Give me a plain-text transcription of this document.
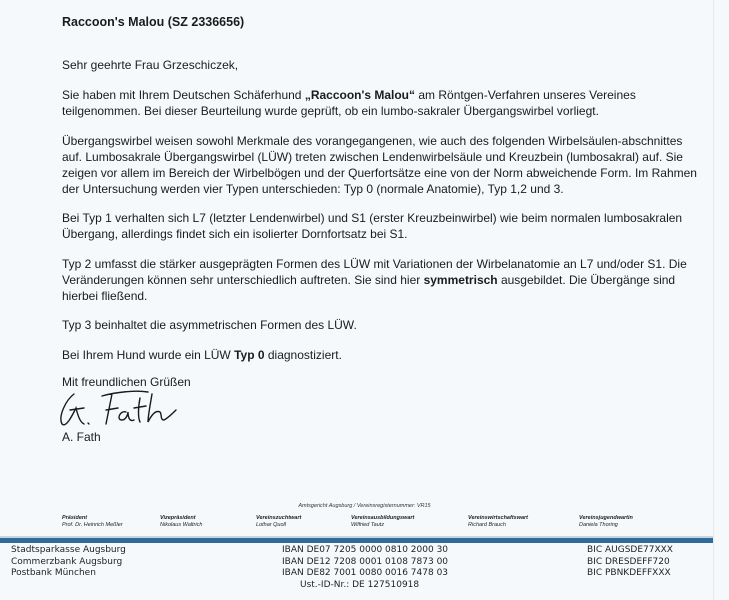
Raccoon's Malou (SZ 2336656)

Sehr geehrte Frau Grzeschiczek,

Sie haben mit Ihrem Deutschen Schäferhund „Raccoon's Malou“ am Röntgen-Verfahren unseres Vereines teilgenommen. Bei dieser Beurteilung wurde geprüft, ob ein lumbo-sakraler Übergangswirbel vorliegt.

Übergangswirbel weisen sowohl Merkmale des vorangegangenen, wie auch des folgenden Wirbelsäulen-abschnittes auf. Lumbosakrale Übergangswirbel (LÜW) treten zwischen Lendenwirbelsäule und Kreuzbein (lumbosakral) auf. Sie zeigen vor allem im Bereich der Wirbelbögen und der Querfortsätze eine von der Norm abweichende Form. Im Rahmen der Untersuchung werden vier Typen unterschieden: Typ 0 (normale Anatomie), Typ 1,2 und 3.

Bei Typ 1 verhalten sich L7 (letzter Lendenwirbel) und S1 (erster Kreuzbeinwirbel) wie beim normalen lumbosakralen Übergang, allerdings findet sich ein isolierter Dornfortsatz bei S1.

Typ 2 umfasst die stärker ausgeprägten Formen des LÜW mit Variationen der Wirbelanatomie an L7 und/oder S1. Die Veränderungen können sehr unterschiedlich auftreten. Sie sind hier symmetrisch ausgebildet. Die Übergänge sind hierbei fließend.

Typ 3 beinhaltet die asymmetrischen Formen des LÜW.

Bei Ihrem Hund wurde ein LÜW Typ 0 diagnostiziert.

Mit freundlichen Grüßen

A. Fath

Amtsgericht Augsburg / Vereinsregisternummer: VR15
Präsident
Prof. Dr. Heinrich Meßler
Vizepräsident
Nikolaus Waltrich
Vereinszuchtwart
Lothar Quoll
Vereinsausbildungswart
Wilfried Tautz
Vereinswirtschaftswart
Richard Brauch
Vereinsjugendwartin
Daniela Thoring
Stadtsparkasse Augsburg
Commerzbank Augsburg
Postbank München
IBAN DE07 7205 0000 0810 2000 30
IBAN DE12 7208 0001 0108 7873 00
IBAN DE82 7001 0080 0016 7478 03
BIC AUGSDE77XXX
BIC DRESDEFF720
BIC PBNKDEFFXXX
Ust.-ID-Nr.: DE 127510918
